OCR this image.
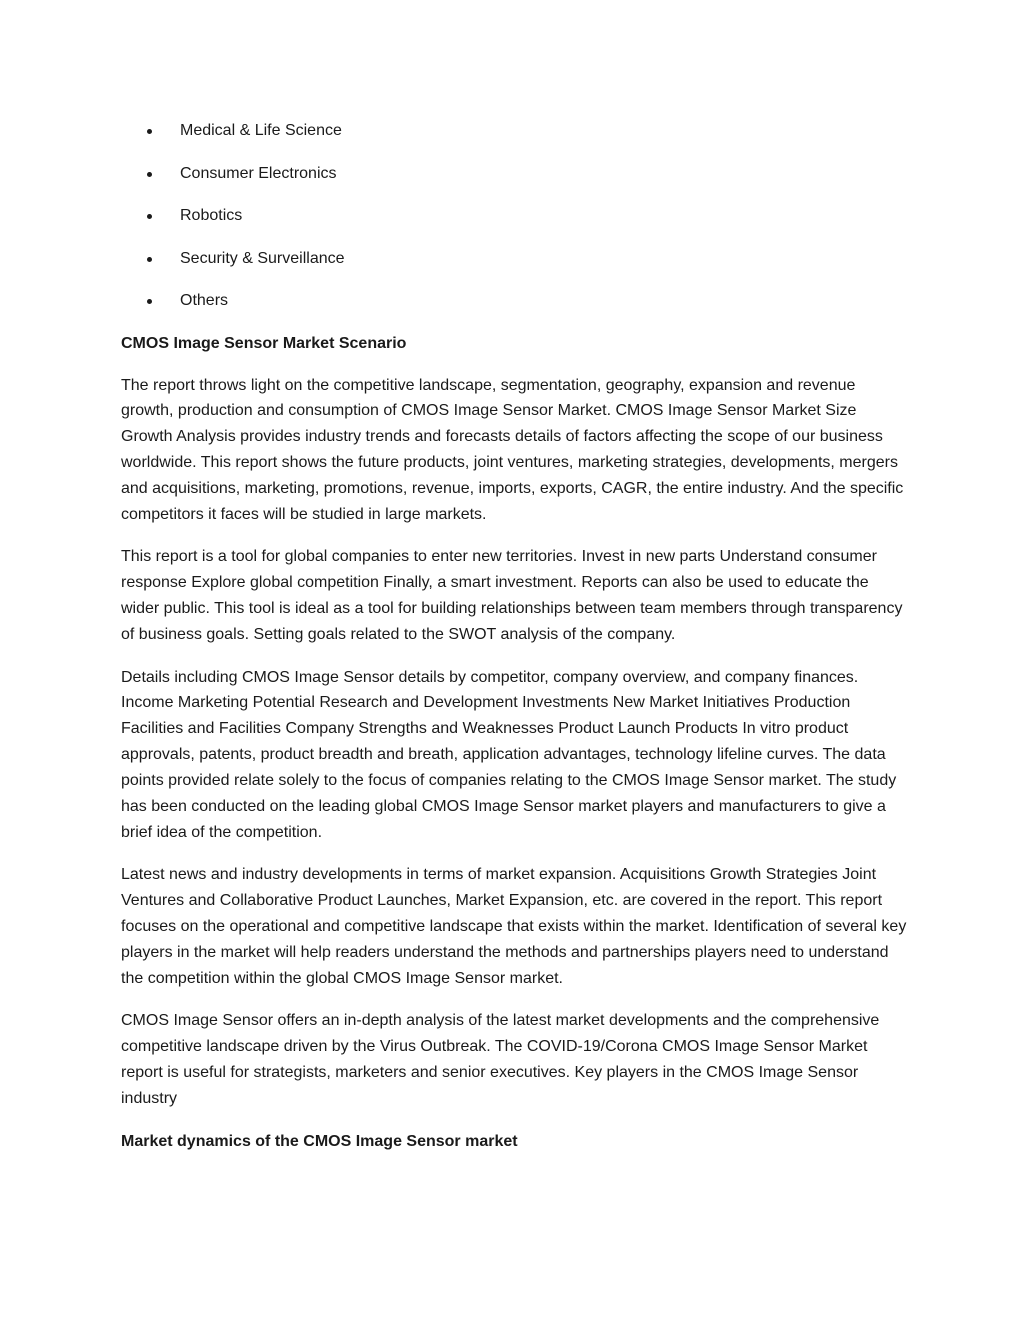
Medical & Life Science
Consumer Electronics
Robotics
Security & Surveillance
Others
CMOS Image Sensor Market Scenario

The report throws light on the competitive landscape, segmentation, geography, expansion and revenue growth, production and consumption of CMOS Image Sensor Market. CMOS Image Sensor Market Size Growth Analysis provides industry trends and forecasts details of factors affecting the scope of our business worldwide. This report shows the future products, joint ventures, marketing strategies, developments, mergers and acquisitions, marketing, promotions, revenue, imports, exports, CAGR, the entire industry. And the specific competitors it faces will be studied in large markets.

This report is a tool for global companies to enter new territories. Invest in new parts Understand consumer response Explore global competition Finally, a smart investment. Reports can also be used to educate the wider public. This tool is ideal as a tool for building relationships between team members through transparency of business goals. Setting goals related to the SWOT analysis of the company.

Details including CMOS Image Sensor details by competitor, company overview, and company finances. Income Marketing Potential Research and Development Investments New Market Initiatives Production Facilities and Facilities Company Strengths and Weaknesses Product Launch Products In vitro product approvals, patents, product breadth and breath, application advantages, technology lifeline curves. The data points provided relate solely to the focus of companies relating to the CMOS Image Sensor market. The study has been conducted on the leading global CMOS Image Sensor market players and manufacturers to give a brief idea of the competition.

Latest news and industry developments in terms of market expansion. Acquisitions Growth Strategies Joint Ventures and Collaborative Product Launches, Market Expansion, etc. are covered in the report. This report focuses on the operational and competitive landscape that exists within the market. Identification of several key players in the market will help readers understand the methods and partnerships players need to understand the competition within the global CMOS Image Sensor market.

CMOS Image Sensor offers an in-depth analysis of the latest market developments and the comprehensive competitive landscape driven by the Virus Outbreak. The COVID-19/Corona CMOS Image Sensor Market report is useful for strategists, marketers and senior executives. Key players in the CMOS Image Sensor industry

Market dynamics of the CMOS Image Sensor market
